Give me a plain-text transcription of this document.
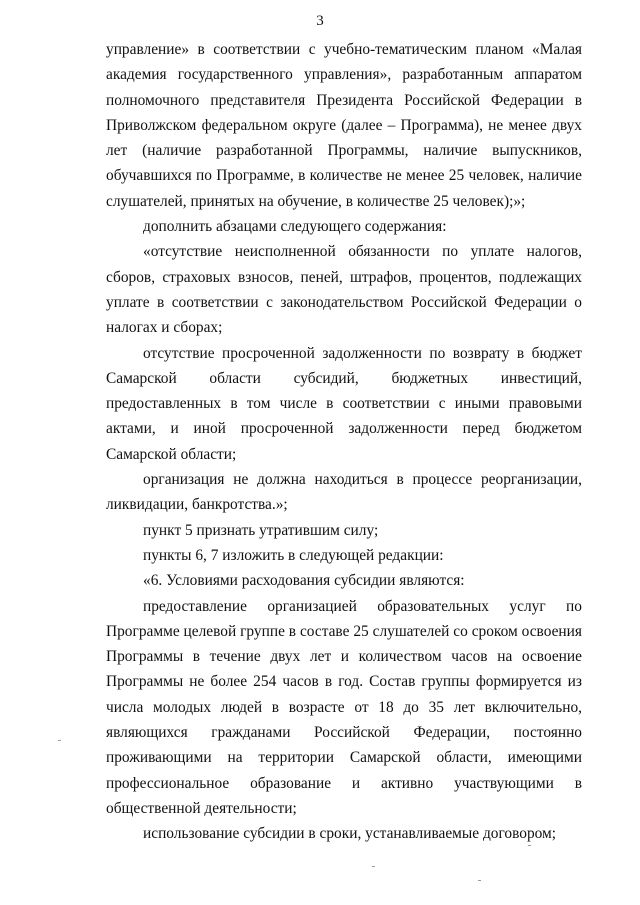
3

управление» в соответствии с учебно-тематическим планом «Малая академия государственного управления», разработанным аппаратом полномочного представителя Президента Российской Федерации в Приволжском федеральном округе (далее – Программа), не менее двух лет (наличие разработанной Программы, наличие выпускников, обучавшихся по Программе, в количестве не менее 25 человек, наличие слушателей, принятых на обучение, в количестве 25 человек);»;

дополнить абзацами следующего содержания:

«отсутствие неисполненной обязанности по уплате налогов, сборов, страховых взносов, пеней, штрафов, процентов, подлежащих уплате в соответствии с законодательством Российской Федерации о налогах и сборах;

отсутствие просроченной задолженности по возврату в бюджет Самарской области субсидий, бюджетных инвестиций, предоставленных в том числе в соответствии с иными правовыми актами, и иной просроченной задолженности перед бюджетом Самарской области;

организация не должна находиться в процессе реорганизации, ликвидации, банкротства.»;

пункт 5 признать утратившим силу;

пункты 6, 7 изложить в следующей редакции:

«6. Условиями расходования субсидии являются:

предоставление организацией образовательных услуг по Программе целевой группе в составе 25 слушателей со сроком освоения Программы в течение двух лет и количеством часов на освоение Программы не более 254 часов в год. Состав группы формируется из числа молодых людей в возрасте от 18 до 35 лет включительно, являющихся гражданами Российской Федерации, постоянно проживающими на территории Самарской области, имеющими профессиональное образование и активно участвующими в общественной деятельности;

использование субсидии в сроки, устанавливаемые договором;
